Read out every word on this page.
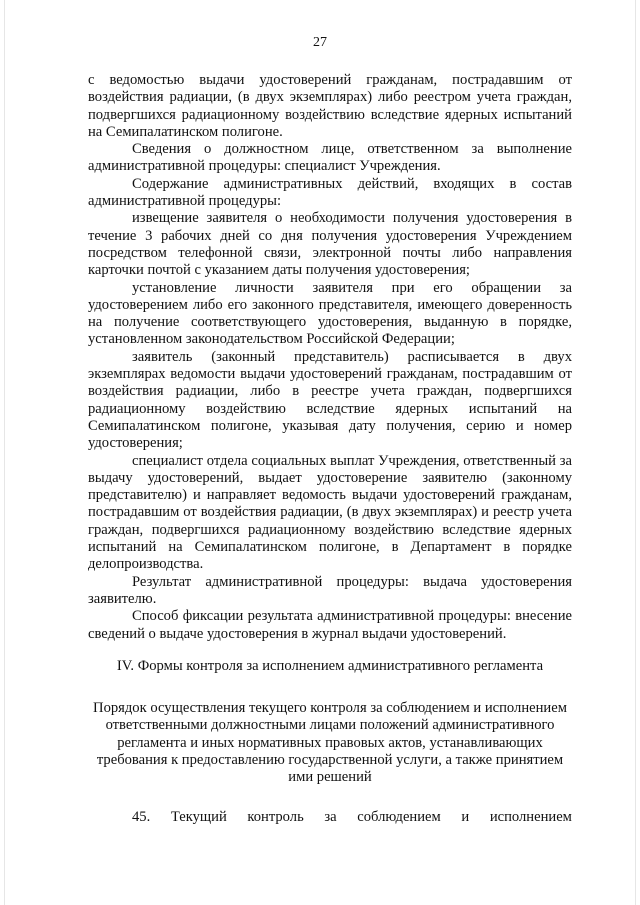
27

с ведомостью выдачи удостоверений гражданам, пострадавшим от воздействия радиации, (в двух экземплярах) либо реестром учета граждан, подвергшихся радиационному воздействию вследствие ядерных испытаний на Семипалатинском полигоне.

Сведения о должностном лице, ответственном за выполнение административной процедуры: специалист Учреждения.

Содержание административных действий, входящих в состав административной процедуры:

извещение заявителя о необходимости получения удостоверения в течение 3 рабочих дней со дня получения удостоверения Учреждением посредством телефонной связи, электронной почты либо направления карточки почтой с указанием даты получения удостоверения;

установление личности заявителя при его обращении за удостоверением либо его законного представителя, имеющего доверенность на получение соответствующего удостоверения, выданную в порядке, установленном законодательством Российской Федерации;

заявитель (законный представитель) расписывается в двух экземплярах ведомости выдачи удостоверений гражданам, пострадавшим от воздействия радиации, либо в реестре учета граждан, подвергшихся радиационному воздействию вследствие ядерных испытаний на Семипалатинском полигоне, указывая дату получения, серию и номер удостоверения;

специалист отдела социальных выплат Учреждения, ответственный за выдачу удостоверений, выдает удостоверение заявителю (законному представителю) и направляет ведомость выдачи удостоверений гражданам, пострадавшим от воздействия радиации, (в двух экземплярах) и реестр учета граждан, подвергшихся радиационному воздействию вследствие ядерных испытаний на Семипалатинском полигоне, в Департамент в порядке делопроизводства.

Результат административной процедуры: выдача удостоверения заявителю.

Способ фиксации результата административной процедуры: внесение сведений о выдаче удостоверения в журнал выдачи удостоверений.

IV. Формы контроля за исполнением административного регламента
Порядок осуществления текущего контроля за соблюдением и исполнением ответственными должностными лицами положений административного регламента и иных нормативных правовых актов, устанавливающих требования к предоставлению государственной услуги, а также принятием ими решений
45. Текущий контроль за соблюдением и исполнением
